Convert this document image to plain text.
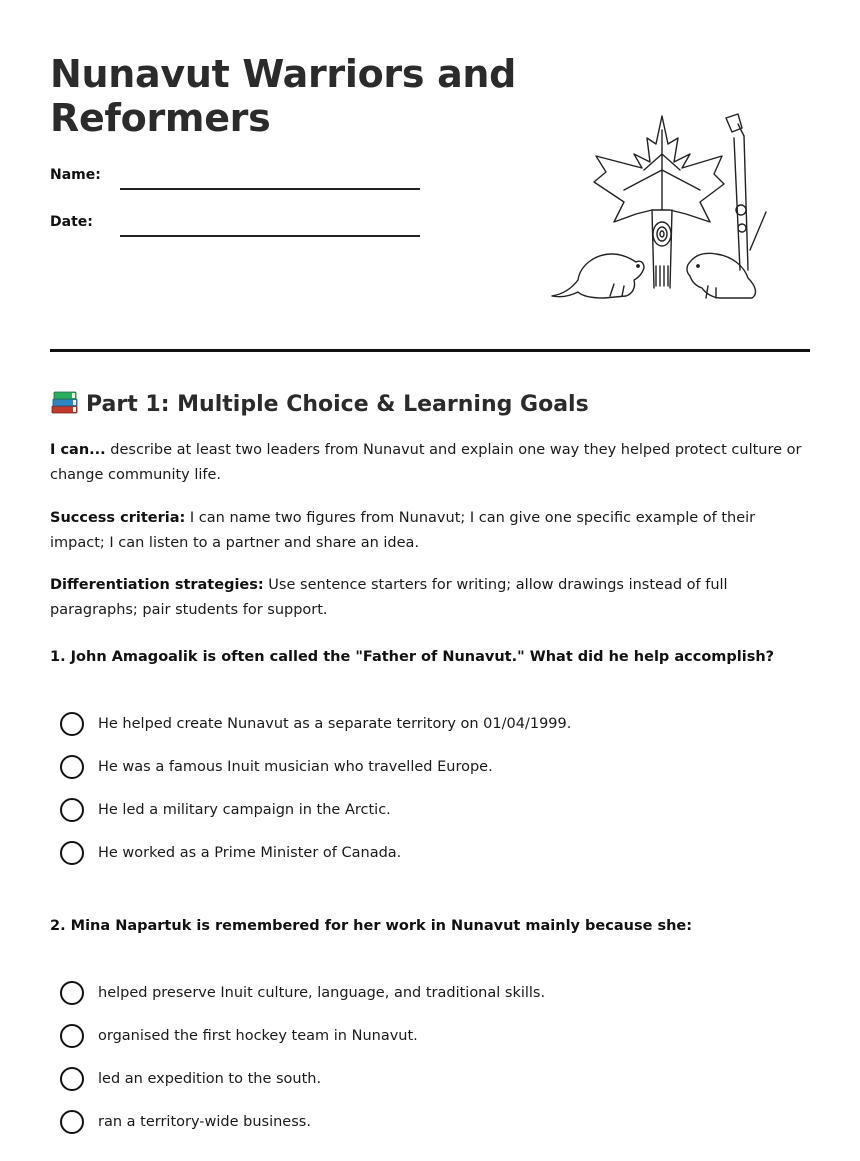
Nunavut Warriors and Reformers
Name:
Date:
Part 1: Multiple Choice & Learning Goals

I can... describe at least two leaders from Nunavut and explain one way they helped protect culture or change community life.

Success criteria: I can name two figures from Nunavut; I can give one specific example of their impact; I can listen to a partner and share an idea.

Differentiation strategies: Use sentence starters for writing; allow drawings instead of full paragraphs; pair students for support.

1. John Amagoalik is often called the "Father of Nunavut." What did he help accomplish?

He helped create Nunavut as a separate territory on 01/04/1999.
He was a famous Inuit musician who travelled Europe.
He led a military campaign in the Arctic.
He worked as a Prime Minister of Canada.

2. Mina Napartuk is remembered for her work in Nunavut mainly because she:

helped preserve Inuit culture, language, and traditional skills.
organised the first hockey team in Nunavut.
led an expedition to the south.
ran a territory-wide business.
